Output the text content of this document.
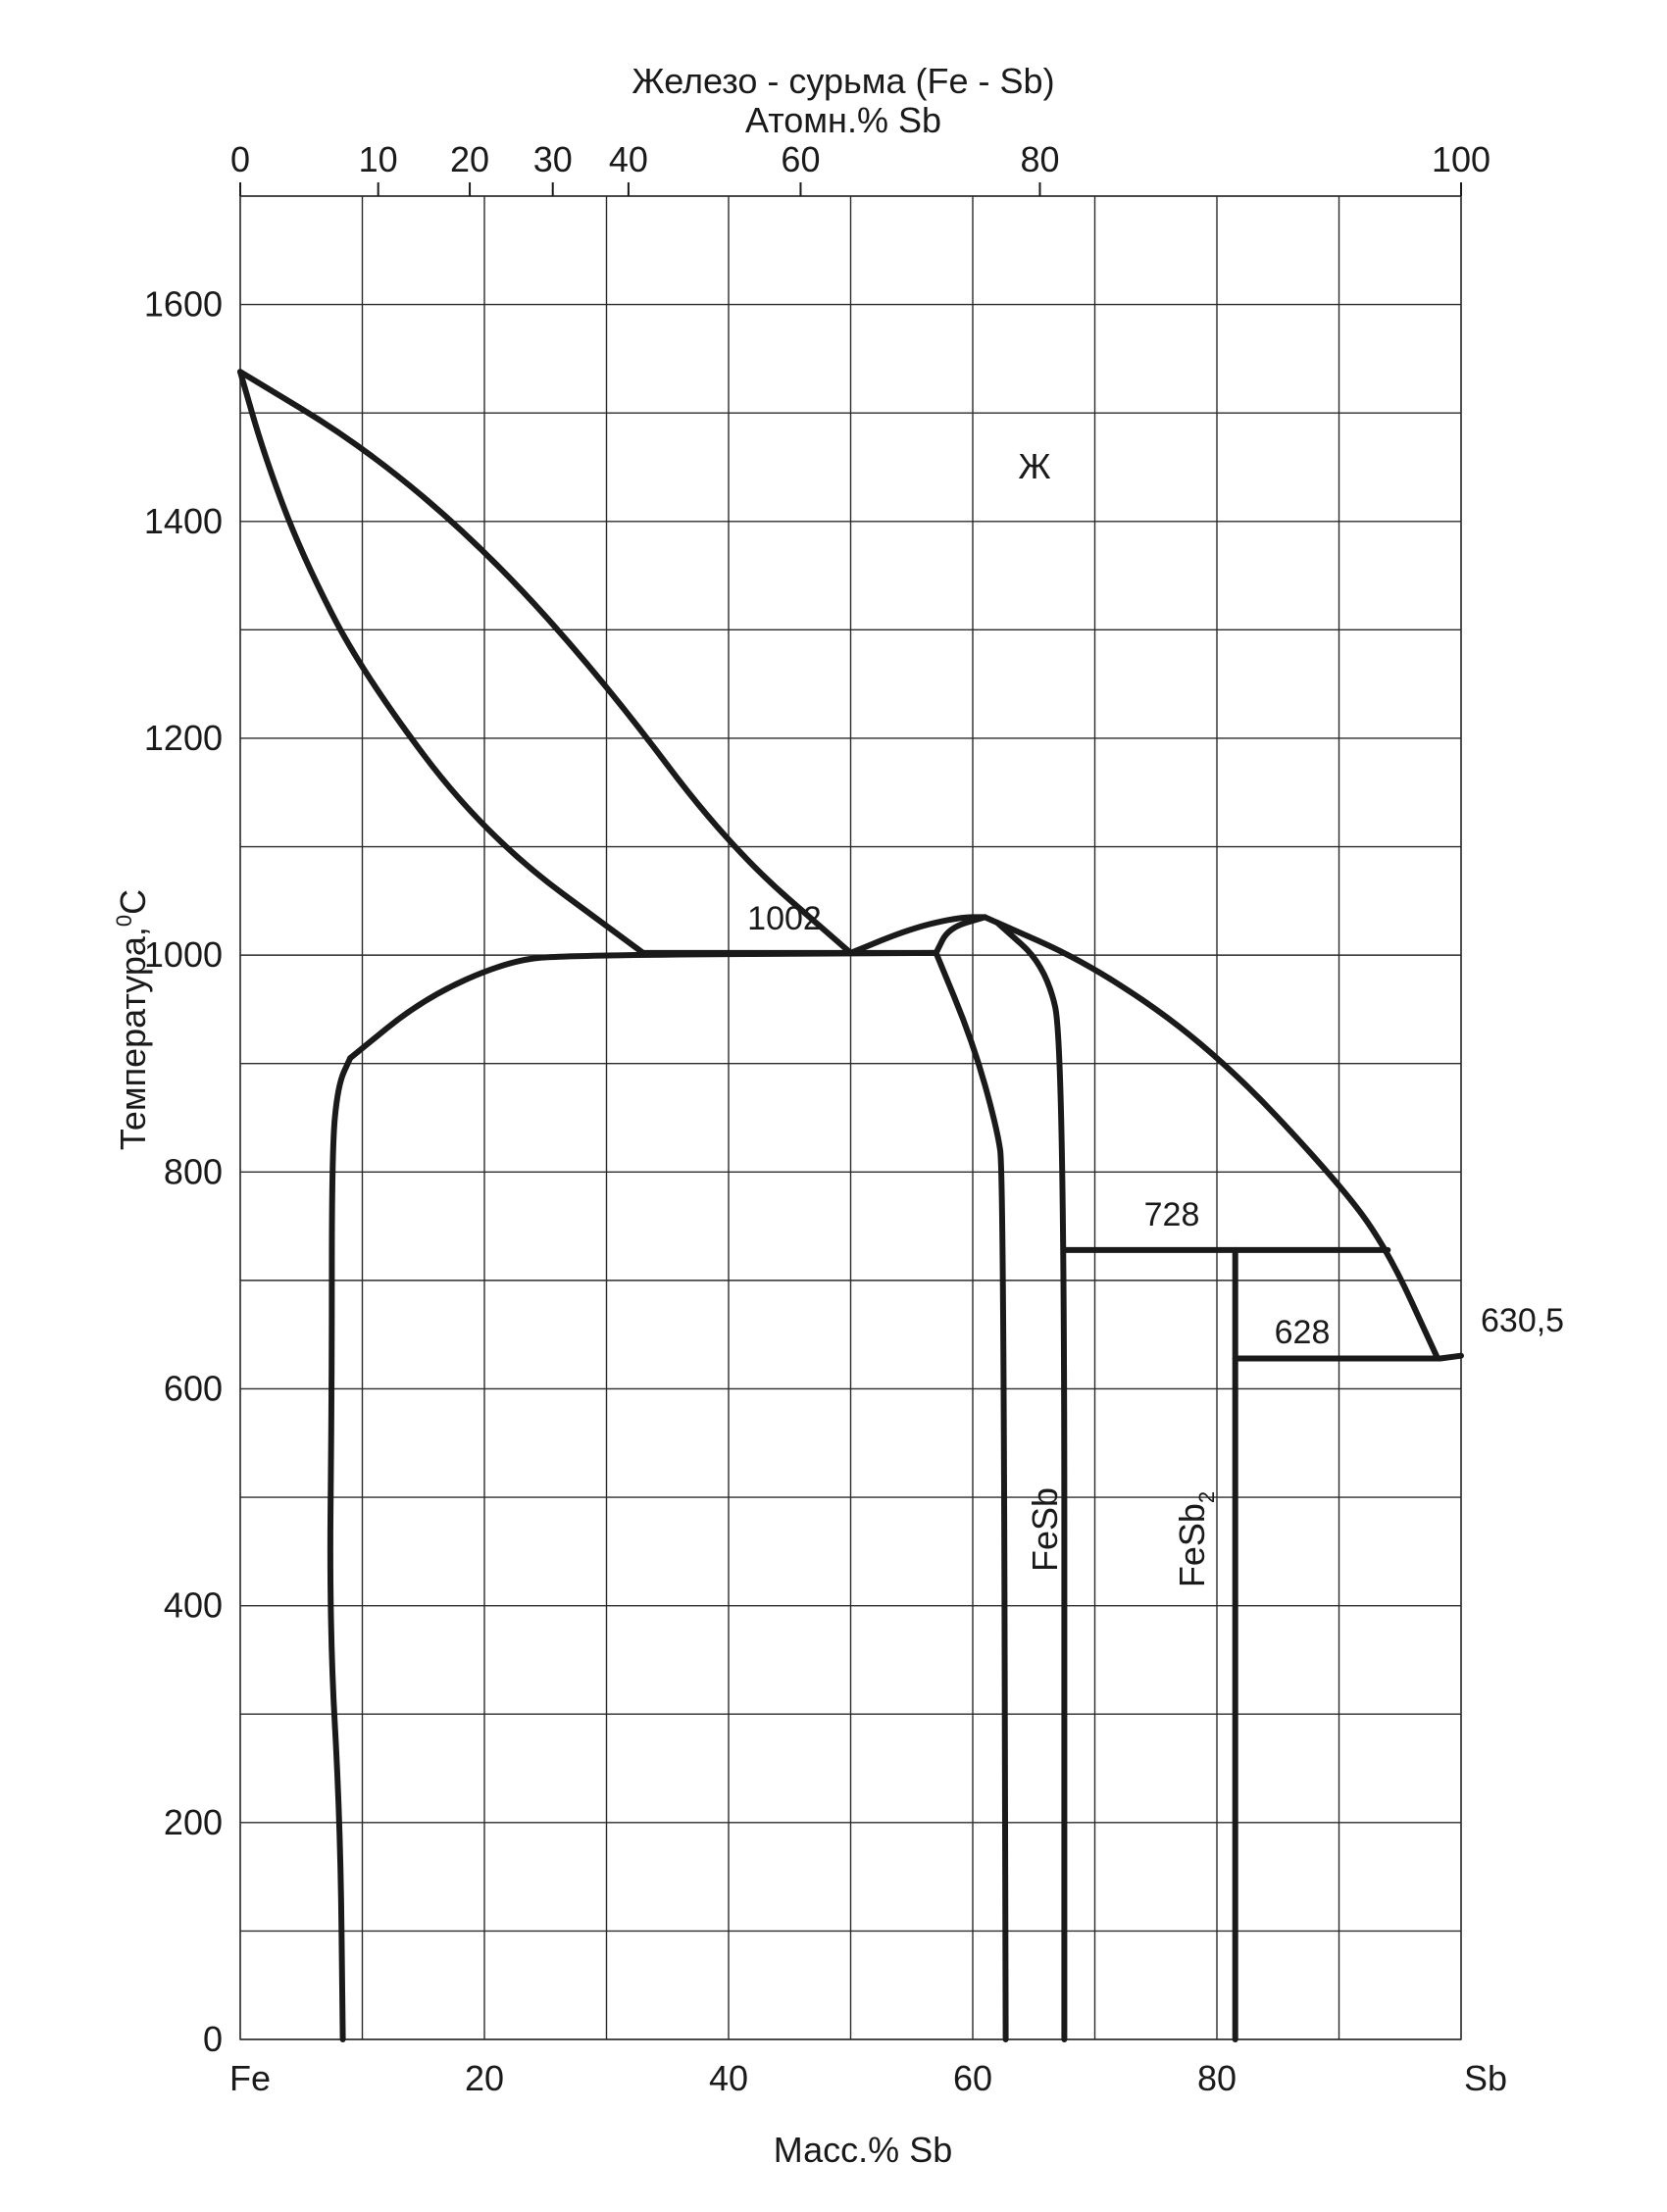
Железо - сурьма (Fe - Sb)
Атомн.% Sb
0	10 20 30 40	60	80	100
Fe	20	40	60	80	Sb
0
200
400
600
800
1000
1200
1400
1600
Масс.% Sb
Температура,$^0$C	1002
728
628	630,5
Ж
FeSb	FeSb$_2$
